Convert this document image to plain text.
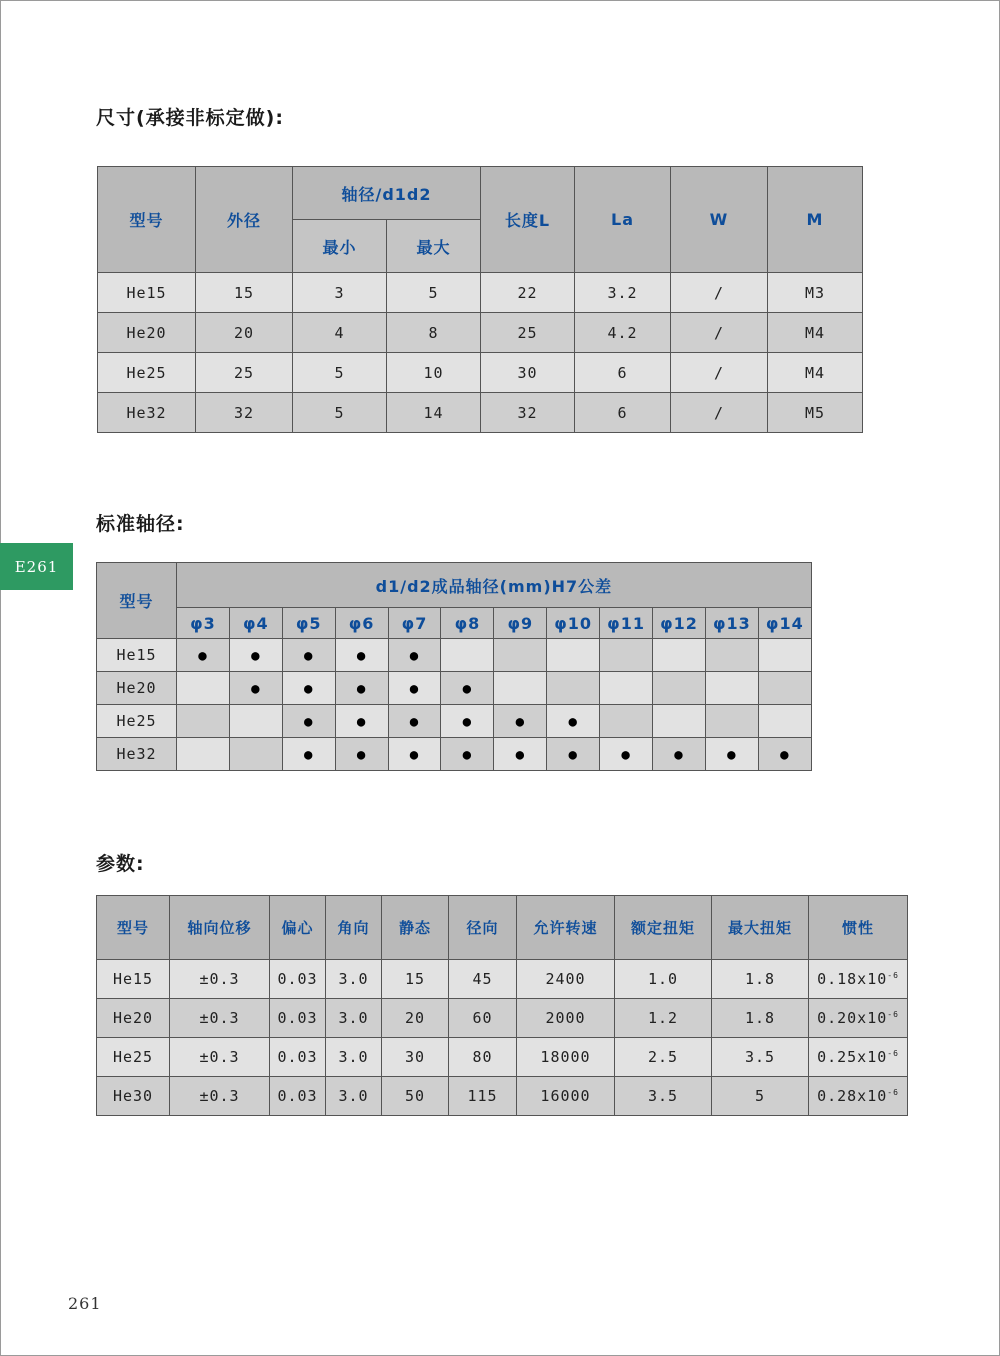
尺寸(承接非标定做):
型号	外径	轴径/d1d2		长度L	La	W	M
		最小	最大				
He15	15	3	5	22	3.2	/	M3
He20	20	4	8	25	4.2	/	M4
He25	25	5	10	30	6	/	M4
He32	32	5	14	32	6	/	M5
标准轴径:
E261
型号	d1/d2成品轴径(mm)H7公差											
	φ3	φ4	φ5	φ6	φ7	φ8	φ9	φ10	φ11	φ12	φ13	φ14
He15	●	●	●	●	●							
He20		●	●	●	●	●						
He25			●	●	●	●	●	●				
He32			●	●	●	●	●	●	●	●	●	●
参数:
型号	轴向位移	偏心	角向	静态	径向	允许转速	额定扭矩	最大扭矩	惯性
He15	±0.3	0.03	3.0	15	45	2400	1.0	1.8	$0.18x10^{-6}$
He20	±0.3	0.03	3.0	20	60	2000	1.2	1.8	$0.20x10^{-6}$
He25	±0.3	0.03	3.0	30	80	18000	2.5	3.5	$0.25x10^{-6}$
He30	±0.3	0.03	3.0	50	115	16000	3.5	5	$0.28x10^{-6}$
261
